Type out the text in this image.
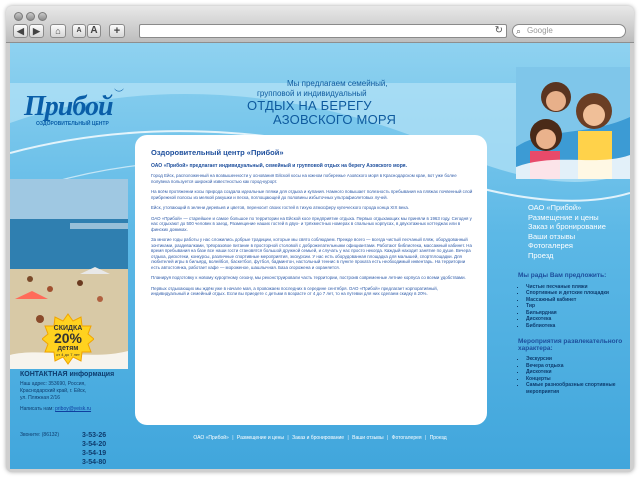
◀	▶	⌂	A A	+	↻ ⌕ Google
Прибой
ОЗДОРОВИТЕЛЬНЫЙ ЦЕНТР
︶
Мы предлагаем семейный,
групповой и индивидуальный
ОТДЫХ НА БЕРЕГУ
АЗОВСКОГО МОРЯ
СКИДКА
20%
детям
от 4 до 7 лет
КОНТАКТНАЯ информация
Наш адрес: 353690, Россия,
Краснодарский край, г. Ейск,
ул. Пляжная 2/16
Написать нам: priboy@yeisk.ru
Звоните: (86132)	3-53-26
3-54-20
3-54-19
3-54-80
Оздоровительный центр «Прибой»
ОАО «Прибой» предлагает индивидуальный, семейный и групповой отдых на берегу Азовского моря.

Город Ейск, расположенный на возвышенности у основания Ейской косы на южном побережье Азовского моря в Краснодарском крае, вот уже более полувека пользуется широкой известностью как город-курорт.

На всём протяжении косы природа создала идеальные пляжи для отдыха и купания. Намного повышает полезность пребывания на пляжах почвенный слой прибрежной полосы из мелкой ракушки и песка, поглощающей до половины избыточных ультрафиолетовых лучей.

Ейск, утопающий в зелени деревьев и цветов, переносит своих гостей в тихую атмосферу купеческого города конца XIX века.

ОАО «Прибой» — старейшее и самое большое по территории на Ейской косе предприятие отдыха. Первых отдыхающих мы приняли в 1963 году. Сегодня у нас отдыхают до 500 человек в заезд. Размещение наших гостей в двух- и трёхместных номерах в спальных корпусах, в двухэтажных коттеджах или в финских домиках.

За многие годы работы у нас сложились добрые традиции, которые мы свято соблюдаем. Прежде всего — всегда чистый песчаный пляж, оборудованный зонтиками, раздевалками, трёхразовое питание в просторной столовой с доброжелательными официантами. Работают библиотека, массажный кабинет. На время пребывания на базе все наши гости становятся большой дружной семьей, и случать у нас просто некогда. Каждый находит занятие по душе. Вечера отдыха, дискотеки, конкурсы, различные спортивные мероприятия, экскурсии. У нас есть оборудованная площадка для малышей, спортплощадки. Для любителей игры в бильярд, волейбол, баскетбол, футбол, бадминтон, настольный теннис в пункте проката есть необходимый инвентарь. На территории есть автостоянка, работает кафе — мороженое, шашлычная. База огорожена и охраняется.

Планируя подготовку к новому курортному сезону, мы реконструировали часть территории, построив современные летние корпуса со всеми удобствами.

Первых отдыхающих мы ждём уже в начале мая, а провожаем последних в середине сентября. ОАО «Прибой» предлагает корпоративный, индивидуальный и семейный отдых. Если вы приедете с детьми в возрасте от 4 до 7 лет, то на путевки для них сделаем скидку в 20%.

ОАО «Прибой»
Размещение и цены
Заказ и бронирование
Ваши отзывы
Фотогалерея
Проезд
Мы рады Вам предложить:
▪ Чистые песчаные пляжи
▪ Спортивные и детские площадки
▪ Массажный кабинет
▪ Тир
▪ Бильярдная
▪ Дискотека
▪ Библиотека
Мероприятия развлекательного характера:
▪ Экскурсии
▪ Вечера отдыха
▪ Дискотеки
▪ Концерты
▪ Самые разнообразные спортивные мероприятия
ОАО «Прибой» | Размещение и цены | Заказ и бронирование | Ваши отзывы | Фотогалерея | Проезд
